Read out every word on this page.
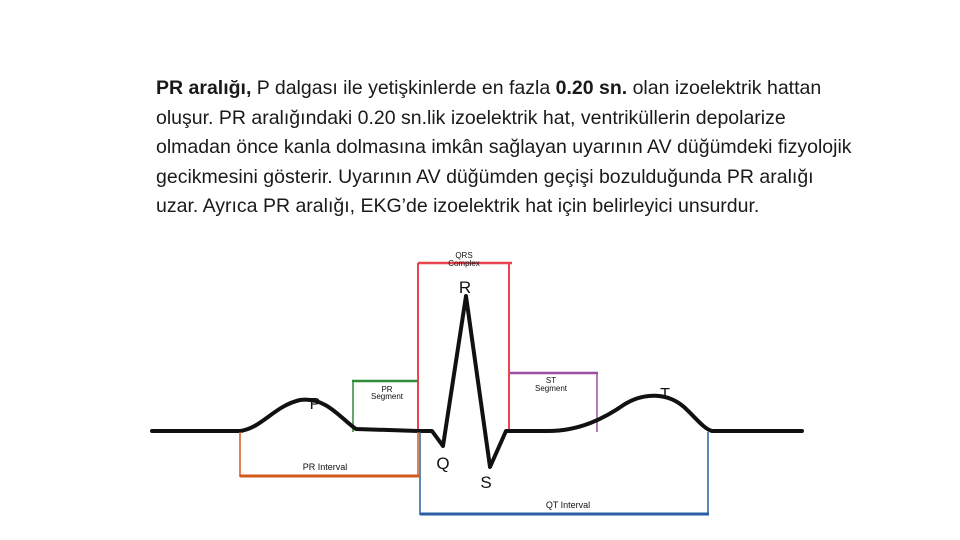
PR aralığı, P dalgası ile yetişkinlerde en fazla 0.20 sn. olan izoelektrik hattan oluşur. PR aralığındaki 0.20 sn.lik izoelektrik hat, ventriküllerin depolarize olmadan önce kanla dolmasına imkân sağlayan uyarının AV düğümdeki fizyolojik gecikmesini gösterir. Uyarının AV düğümden geçişi bozulduğunda PR aralığı uzar. Ayrıca PR aralığı, EKG’de izoelektrik hat için belirleyici unsurdur.

QRS
Complex
R
PR
Segment
ST
Segment
P
T
Q
S
PR Interval
QT Interval
